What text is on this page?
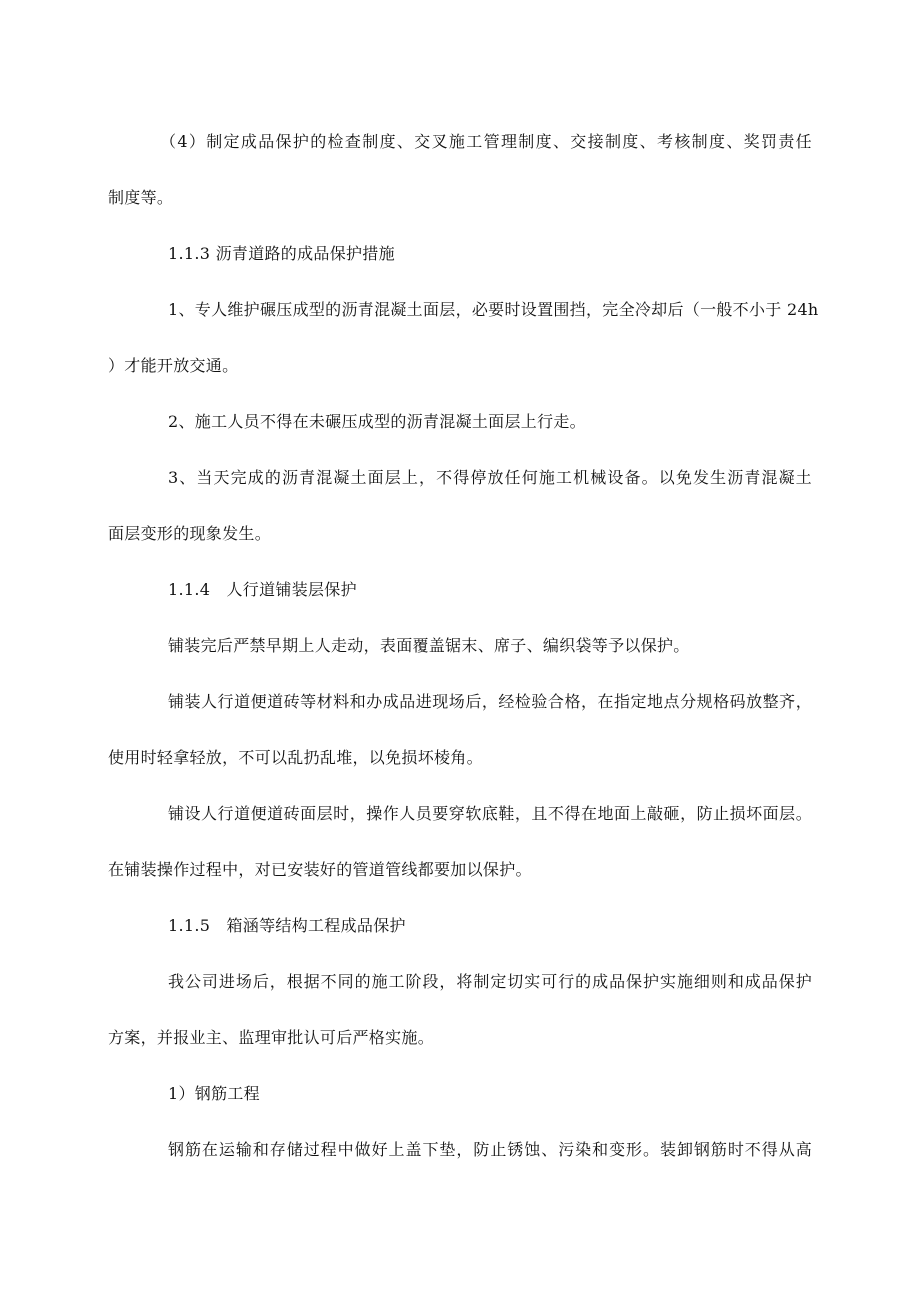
（4）制定成品保护的检查制度、交叉施工管理制度、交接制度、考核制度、奖罚责任
制度等。
1.1.3 沥青道路的成品保护措施
1、专人维护碾压成型的沥青混凝土面层，必要时设置围挡，完全冷却后（一般不小于 24h
）才能开放交通。
2、施工人员不得在未碾压成型的沥青混凝土面层上行走。
3、当天完成的沥青混凝土面层上，不得停放任何施工机械设备。以免发生沥青混凝土
面层变形的现象发生。
1.1.4　人行道铺装层保护
铺装完后严禁早期上人走动，表面覆盖锯末、席子、编织袋等予以保护。
铺装人行道便道砖等材料和办成品进现场后，经检验合格，在指定地点分规格码放整齐，
使用时轻拿轻放，不可以乱扔乱堆，以免损坏棱角。
铺设人行道便道砖面层时，操作人员要穿软底鞋，且不得在地面上敲砸，防止损坏面层。
在铺装操作过程中，对已安装好的管道管线都要加以保护。
1.1.5　箱涵等结构工程成品保护
我公司进场后，根据不同的施工阶段，将制定切实可行的成品保护实施细则和成品保护
方案，并报业主、监理审批认可后严格实施。
1）钢筋工程
钢筋在运输和存储过程中做好上盖下垫，防止锈蚀、污染和变形。装卸钢筋时不得从高
